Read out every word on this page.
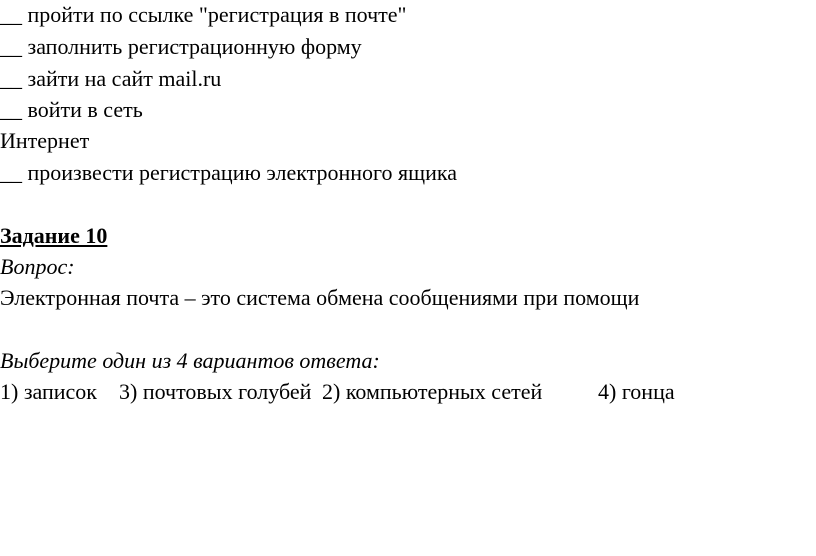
__ пройти по ссылке "регистрация в почте"
__ заполнить регистрационную форму
__ зайти на сайт mail.ru
__ войти в сеть
Интернет
__ произвести регистрацию электронного ящика
Задание 10
Вопрос:
Электронная почта – это система обмена сообщениями при помощи
Выберите один из 4 вариантов ответа:

1) записок

3) почтовых голубей

2) компьютерных сетей

	4) гонца
